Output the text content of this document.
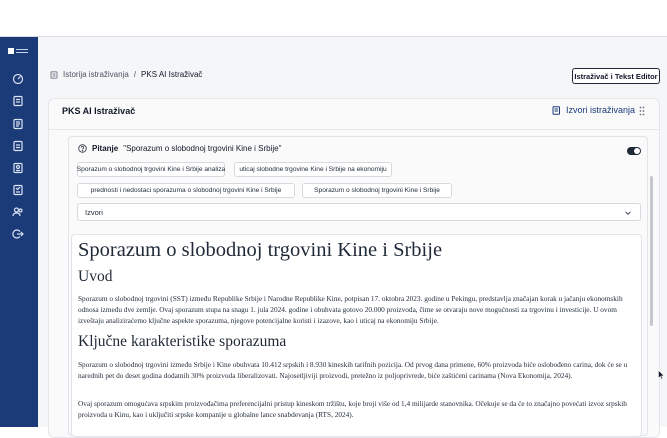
Istorija istraživanja / PKS AI Istraživač	Istraživač i Tekst Editor
PKS AI Istraživač	Izvori istraživanja
Pitanje "Sporazum o slobodnoj trgovini Kine i Srbije"
Sporazum o slobodnoj trgovini Kine i Srbije analiza	uticaj slobodne trgovine Kine i Srbije na ekonomiju
prednosti i nedostaci sporazuma o slobodnoj trgovini Kine i Srbije	Sporazum o slobodnoj trgovini Kine i Srbije
Izvori
Sporazum o slobodnoj trgovini Kine i Srbije
Uvod

Sporazum o slobodnoj trgovini (SST) između Republike Srbije i Narodne Republike Kine, potpisan 17. oktobra 2023. godine u Pekingu, predstavlja značajan korak u jačanju ekonomskih odnosa između dve zemlje. Ovaj sporazum stupa na snagu 1. jula 2024. godine i obuhvata gotovo 20.000 proizvoda, čime se otvaraju nove mogućnosti za trgovinu i investicije. U ovom izveštaju analiziraćemo ključne aspekte sporazuma, njegove potencijalne koristi i izazove, kao i uticaj na ekonomiju Srbije.

Ključne karakteristike sporazuma

Sporazum o slobodnoj trgovini između Srbije i Kine obuhvata 10.412 srpskih i 8.930 kineskih tarifnih pozicija. Od prvog dana primene, 60% proizvoda biće oslobođeno carina, dok će se u narednih pet do deset godina dodatnih 30% proizvoda liberalizovati. Najosetljiviji proizvodi, pretežno iz poljoprivrede, biće zaštićeni carinama (Nova Ekonomija, 2024).

Ovaj sporazum omogućava srpskim proizvođačima preferencijalni pristup kineskom tržištu, koje broji više od 1,4 milijarde stanovnika. Očekuje se da će to značajno povećati izvoz srpskih proizvoda u Kinu, kao i uključiti srpske kompanije u globalne lance snabdevanja (RTS, 2024).
